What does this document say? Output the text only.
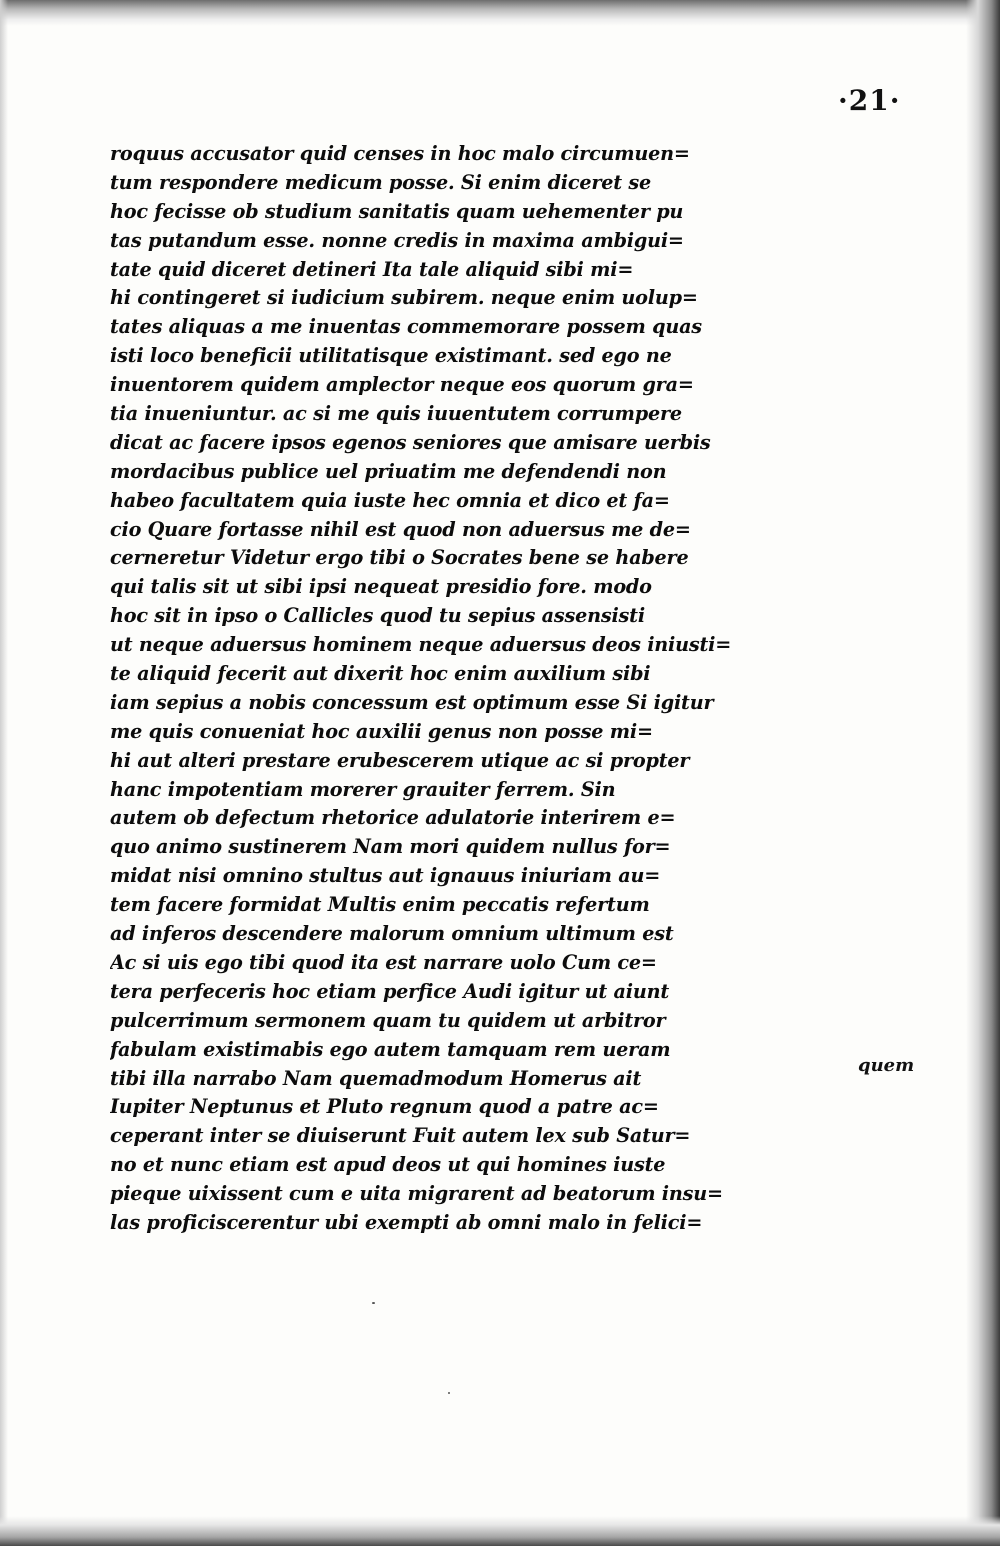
·21·
roquus accusator quid censes in hoc malo circumuen=
tum respondere medicum posse. Si enim diceret se
hoc fecisse ob studium sanitatis quam uehementer pu
tas putandum esse. nonne credis in maxima ambigui=
tate quid diceret detineri Ita tale aliquid sibi mi=
hi contingeret si iudicium subirem. neque enim uolup=
tates aliquas a me inuentas commemorare possem quas
isti loco beneficii utilitatisque existimant. sed ego ne
inuentorem quidem amplector neque eos quorum gra=
tia inueniuntur. ac si me quis iuuentutem corrumpere
dicat ac facere ipsos egenos seniores que amisare uerbis
mordacibus publice uel priuatim me defendendi non
habeo facultatem quia iuste hec omnia et dico et fa=
cio Quare fortasse nihil est quod non aduersus me de=
cerneretur Videtur ergo tibi o Socrates bene se habere
qui talis sit ut sibi ipsi nequeat presidio fore. modo
hoc sit in ipso o Callicles quod tu sepius assensisti
ut neque aduersus hominem neque aduersus deos iniusti=
te aliquid fecerit aut dixerit hoc enim auxilium sibi
iam sepius a nobis concessum est optimum esse Si igitur
me quis conueniat hoc auxilii genus non posse mi=
hi aut alteri prestare erubescerem utique ac si propter
hanc impotentiam morerer grauiter ferrem. Sin
autem ob defectum rhetorice adulatorie interirem e=
quo animo sustinerem Nam mori quidem nullus for=
midat nisi omnino stultus aut ignauus iniuriam au=
tem facere formidat Multis enim peccatis refertum
ad inferos descendere malorum omnium ultimum est
Ac si uis ego tibi quod ita est narrare uolo Cum ce=
tera perfeceris hoc etiam perfice Audi igitur ut aiunt
pulcerrimum sermonem quam tu quidem ut arbitror
fabulam existimabis ego autem tamquam rem ueram
tibi illa narrabo Nam quemadmodum Homerus ait
Iupiter Neptunus et Pluto regnum quod a patre ac=
ceperant inter se diuiserunt Fuit autem lex sub Satur=
no et nunc etiam est apud deos ut qui homines iuste
pieque uixissent cum e uita migrarent ad beatorum insu=
las proficiscerentur ubi exempti ab omni malo in felici=
quem
